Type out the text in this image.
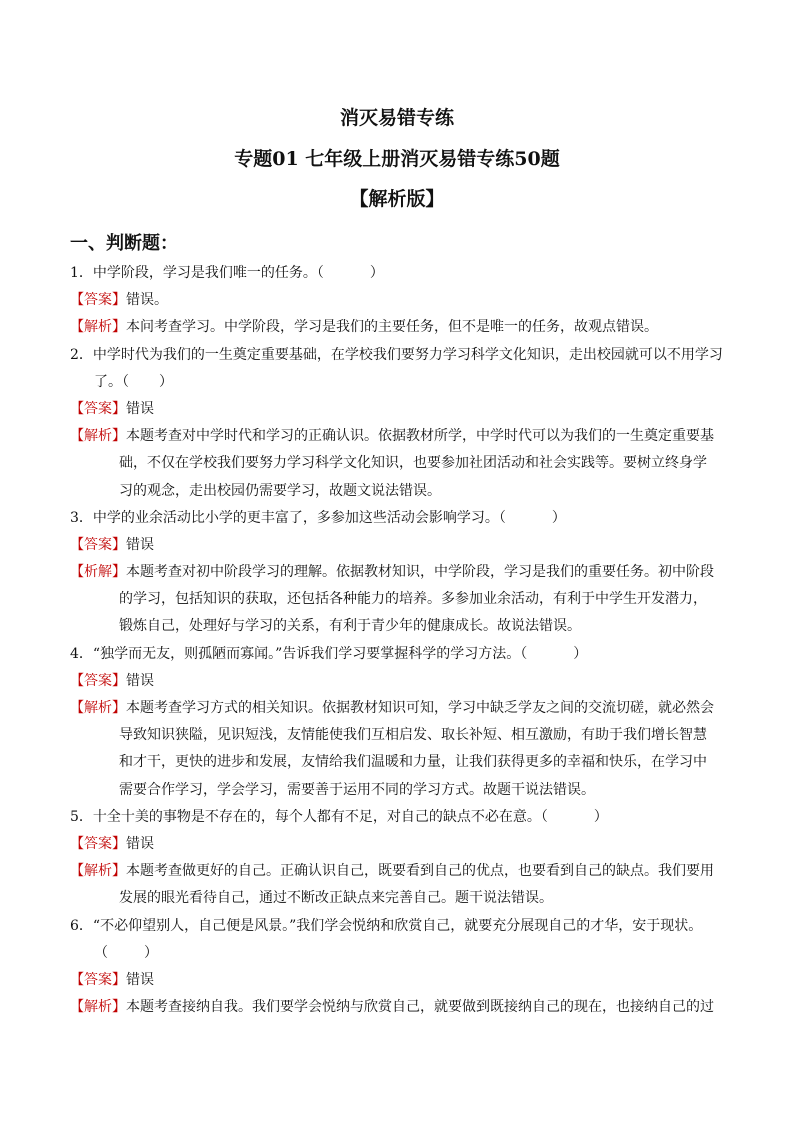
消灭易错专练
专题01 七年级上册消灭易错专练50题
【解析版】
一、判断题：
1．中学阶段，学习是我们唯一的任务。（	）
【答案】错误。
【解析】本问考查学习。中学阶段，学习是我们的主要任务，但不是唯一的任务，故观点错误。
2．中学时代为我们的一生奠定重要基础，在学校我们要努力学习科学文化知识，走出校园就可以不用学习
了。（ ）
【答案】错误
【解析】本题考查对中学时代和学习的正确认识。依据教材所学，中学时代可以为我们的一生奠定重要基
础，不仅在学校我们要努力学习科学文化知识，也要参加社团活动和社会实践等。要树立终身学
习的观念，走出校园仍需要学习，故题文说法错误。
3．中学的业余活动比小学的更丰富了，多参加这些活动会影响学习。（	）
【答案】错误
【析解】本题考查对初中阶段学习的理解。依据教材知识，中学阶段，学习是我们的重要任务。初中阶段
的学习，包括知识的获取，还包括各种能力的培养。多参加业余活动，有利于中学生开发潜力，
锻炼自己，处理好与学习的关系，有利于青少年的健康成长。故说法错误。
4．“独学而无友，则孤陋而寡闻。”告诉我们学习要掌握科学的学习方法。（	）
【答案】错误
【解析】本题考查学习方式的相关知识。依据教材知识可知，学习中缺乏学友之间的交流切磋，就必然会
导致知识狭隘，见识短浅，友情能使我们互相启发、取长补短、相互激励，有助于我们增长智慧
和才干，更快的进步和发展，友情给我们温暖和力量，让我们获得更多的幸福和快乐，在学习中
需要合作学习，学会学习，需要善于运用不同的学习方式。故题干说法错误。
5．十全十美的事物是不存在的，每个人都有不足，对自己的缺点不必在意。（	）
【答案】错误
【解析】本题考查做更好的自己。正确认识自己，既要看到自己的优点，也要看到自己的缺点。我们要用
发展的眼光看待自己，通过不断改正缺点来完善自己。题干说法错误。
6．“不必仰望别人，自己便是风景。”我们学会悦纳和欣赏自己，就要充分展现自己的才华，安于现状。
（	）
【答案】错误
【解析】本题考查接纳自我。我们要学会悦纳与欣赏自己，就要做到既接纳自己的现在，也接纳自己的过
